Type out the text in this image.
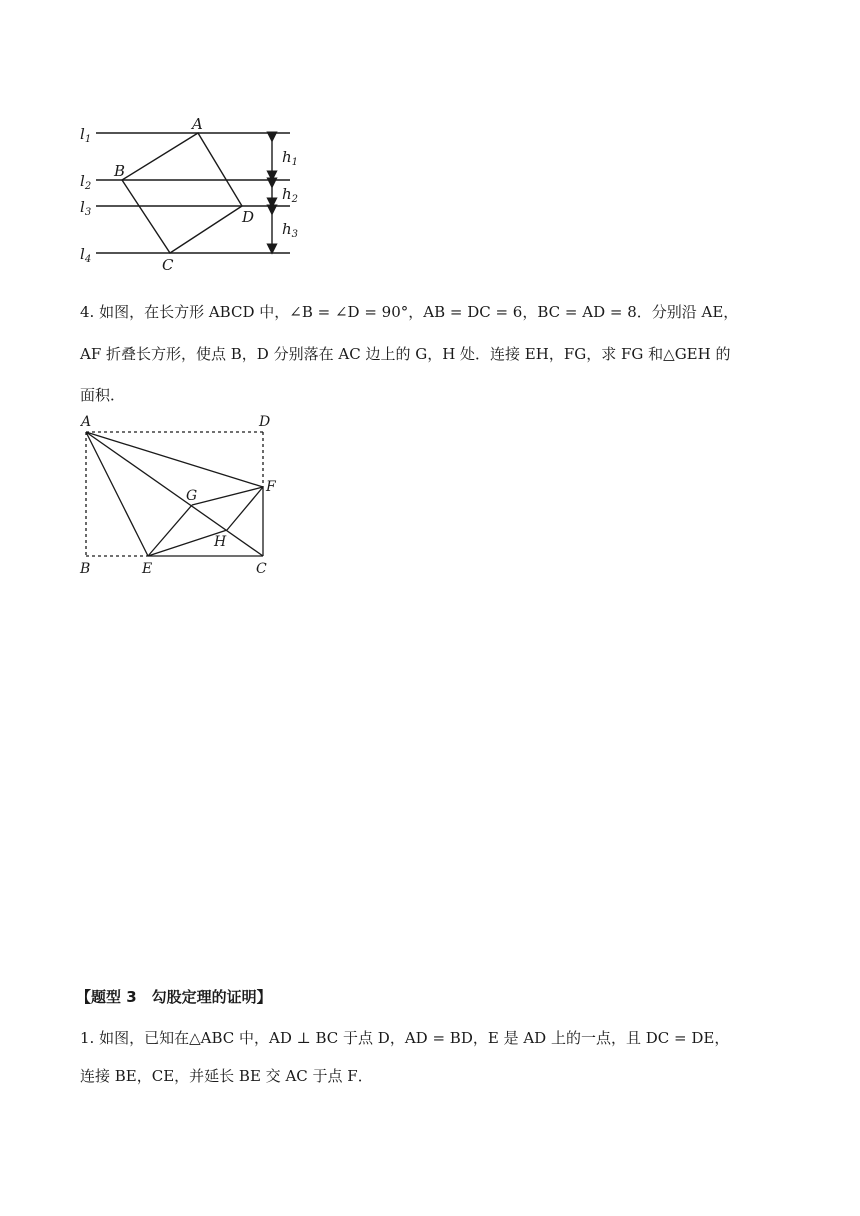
$l_1$
$l_2$
$l_3$
$l_4$
A
B
C
D
$h_1$
$h_2$
$h_3$
4. 如图，在长方形 ABCD 中，∠B = ∠D = 90°，AB = DC = 6，BC = AD = 8．分别沿 AE，
AF 折叠长方形，使点 B，D 分别落在 AC 边上的 G，H 处．连接 EH，FG，求 FG 和△GEH 的
面积．
A	D
B	E	C
F
G
H
【题型 3　勾股定理的证明】
1. 如图，已知在△ABC 中，AD ⊥ BC 于点 D，AD = BD，E 是 AD 上的一点，且 DC = DE，
连接 BE，CE，并延长 BE 交 AC 于点 F．
